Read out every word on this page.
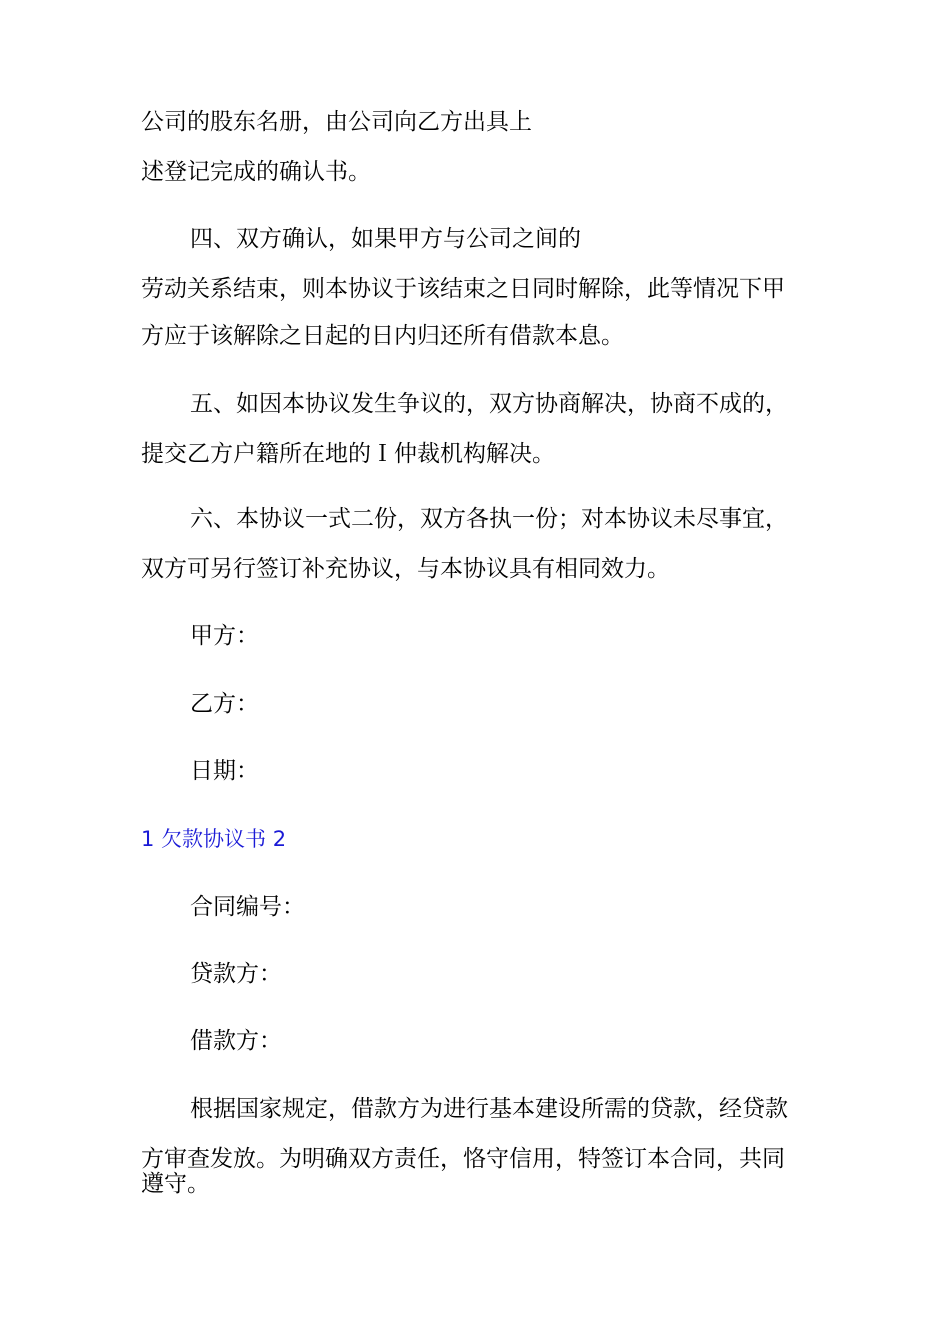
公司的股东名册，由公司向乙方出具上

述登记完成的确认书。

四、双方确认，如果甲方与公司之间的

劳动关系结束，则本协议于该结束之日同时解除，此等情况下甲

方应于该解除之日起的日内归还所有借款本息。

五、如因本协议发生争议的，双方协商解决，协商不成的，

提交乙方户籍所在地的Ｉ仲裁机构解决。

六、本协议一式二份，双方各执一份；对本协议未尽事宜，

双方可另行签订补充协议，与本协议具有相同效力。

甲方：

乙方：

日期：

1 欠款协议书 2

合同编号：

贷款方：

借款方：

根据国家规定，借款方为进行基本建设所需的贷款，经贷款

方审查发放。为明确双方责任，恪守信用，特签订本合同，共同

遵守。
